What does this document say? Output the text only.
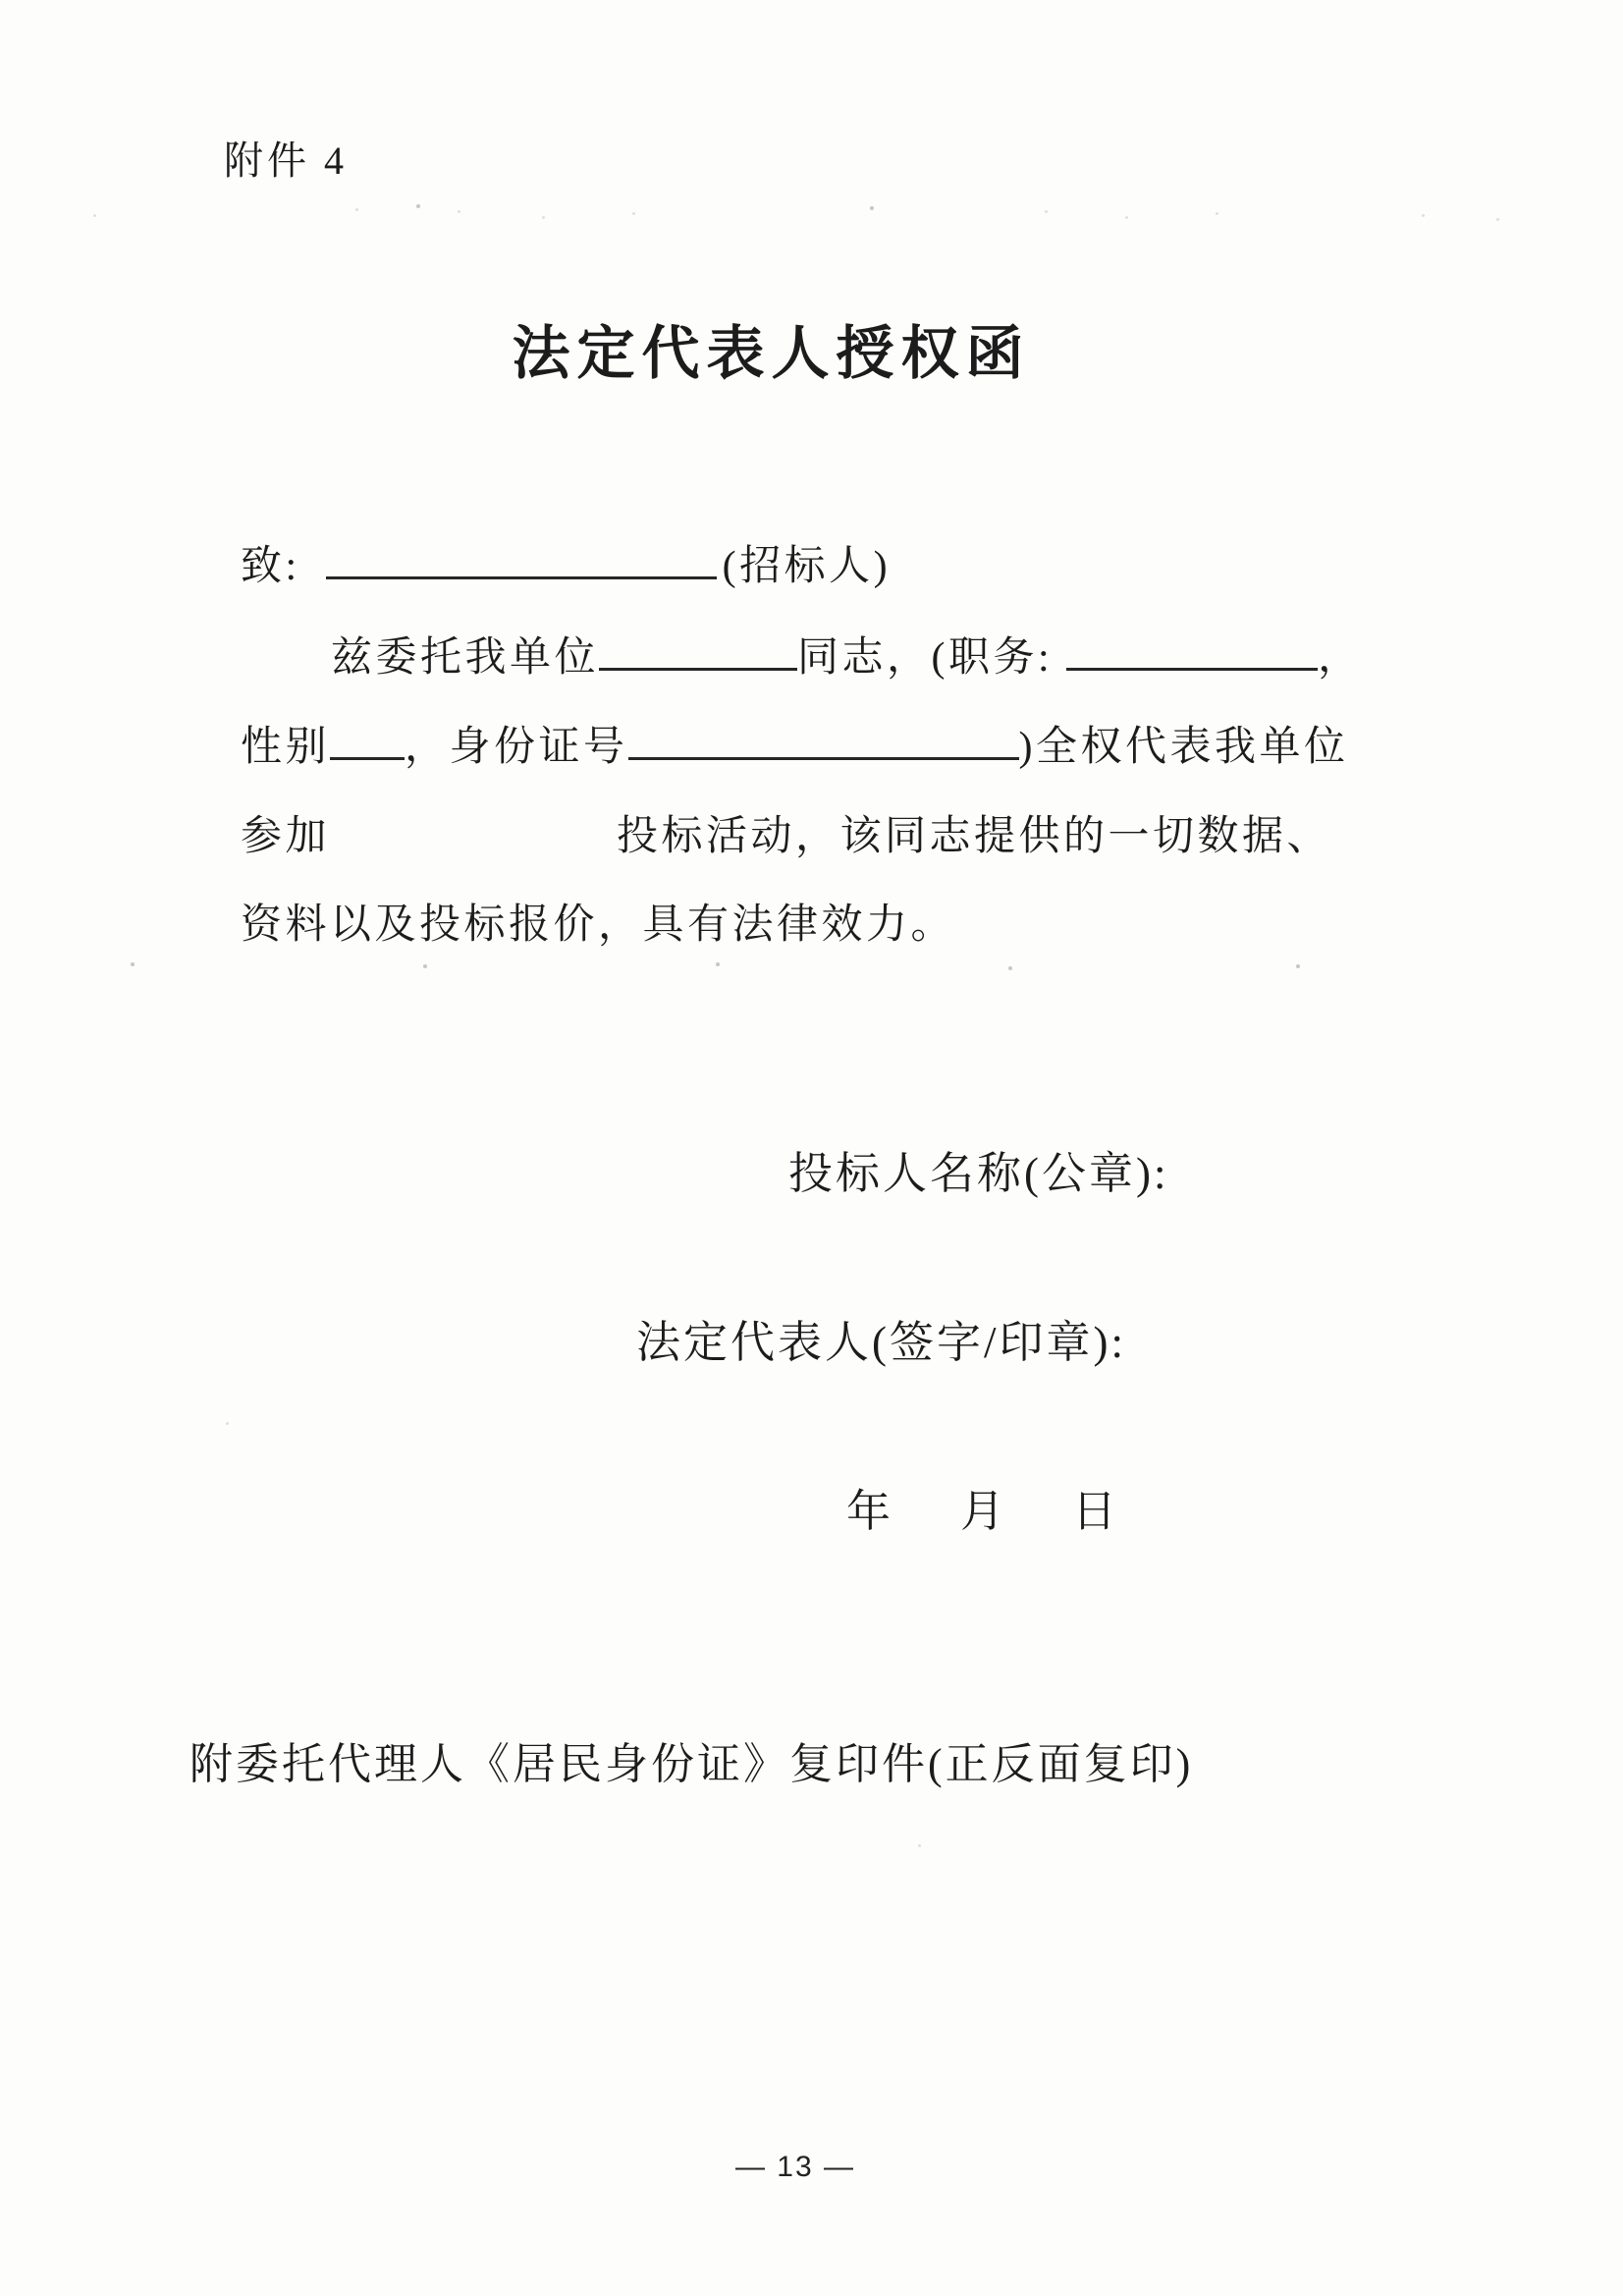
附件 4
法定代表人授权函
致:	(招标人)
兹委托我单位	同志，(职务:	，
性别 ，身份证号	)全权代表我单位
参加	投标活动，该同志提供的一切数据、
资料以及投标报价，具有法律效力。
投标人名称(公章):
法定代表人(签字/印章):
年 月 日
附委托代理人《居民身份证》复印件(正反面复印)
— 13 —
